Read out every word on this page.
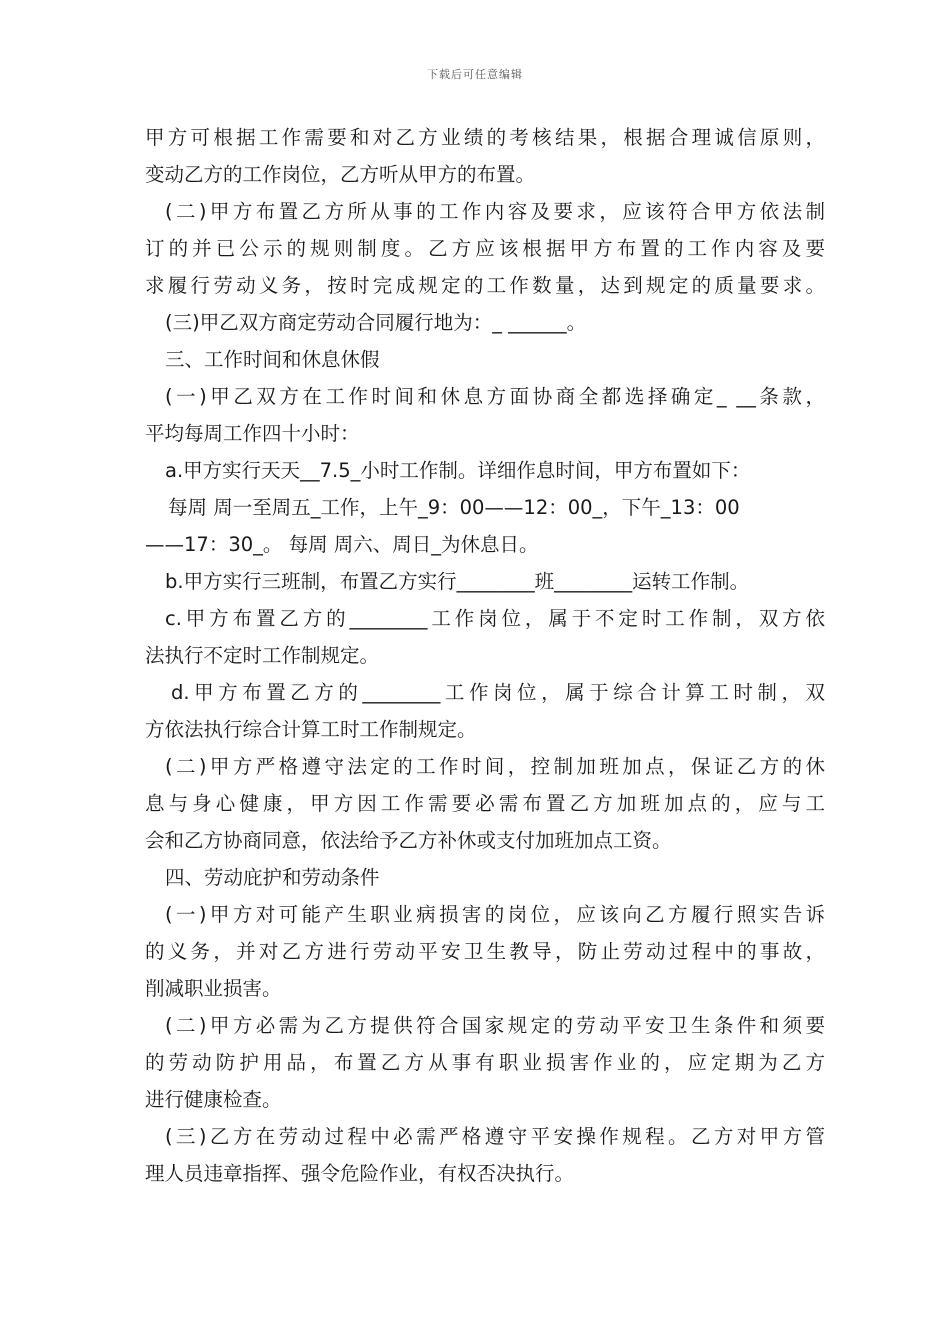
下载后可任意编辑
甲方可根据工作需要和对乙方业绩的考核结果，根据合理诚信原则，
变动乙方的工作岗位，乙方听从甲方的布置。
(二)甲方布置乙方所从事的工作内容及要求，应该符合甲方依法制
订的并已公示的规则制度。乙方应该根据甲方布置的工作内容及要
求履行劳动义务，按时完成规定的工作数量，达到规定的质量要求。
(三)甲乙双方商定劳动合同履行地为：_ ______。
三、工作时间和休息休假
(一)甲乙双方在工作时间和休息方面协商全都选择确定_ __条款，
平均每周工作四十小时：
a.甲方实行天天__7.5_小时工作制。详细作息时间，甲方布置如下：
每周 周一至周五_工作，上午_9：00——12：00_，下午_13：00
——17：30_。 每周 周六、周日_为休息日。
b.甲方实行三班制，布置乙方实行________班________运转工作制。
c.甲方布置乙方的________工作岗位，属于不定时工作制，双方依
法执行不定时工作制规定。
d.甲方布置乙方的________工作岗位，属于综合计算工时制，双
方依法执行综合计算工时工作制规定。
(二)甲方严格遵守法定的工作时间，控制加班加点，保证乙方的休
息与身心健康，甲方因工作需要必需布置乙方加班加点的，应与工
会和乙方协商同意，依法给予乙方补休或支付加班加点工资。
四、劳动庇护和劳动条件
(一)甲方对可能产生职业病损害的岗位，应该向乙方履行照实告诉
的义务，并对乙方进行劳动平安卫生教导，防止劳动过程中的事故，
削减职业损害。
(二)甲方必需为乙方提供符合国家规定的劳动平安卫生条件和须要
的劳动防护用品，布置乙方从事有职业损害作业的，应定期为乙方
进行健康检查。
(三)乙方在劳动过程中必需严格遵守平安操作规程。乙方对甲方管
理人员违章指挥、强令危险作业，有权否决执行。
